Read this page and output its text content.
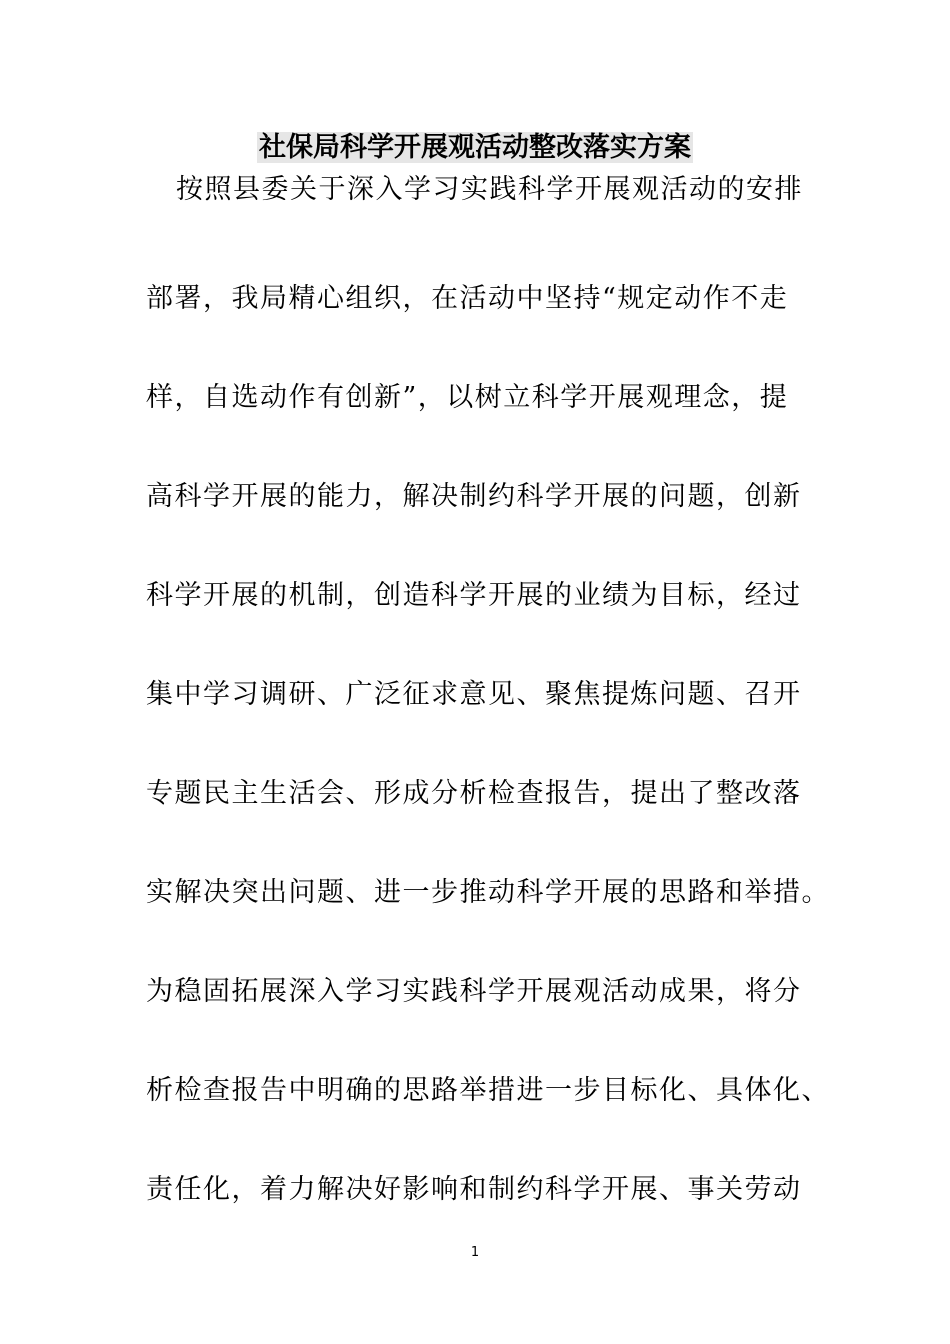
社保局科学开展观活动整改落实方案
按照县委关于深入学习实践科学开展观活动的安排
部署，我局精心组织，在活动中坚持“规定动作不走
样，自选动作有创新”，以树立科学开展观理念，提
高科学开展的能力，解决制约科学开展的问题，创新
科学开展的机制，创造科学开展的业绩为目标，经过
集中学习调研、广泛征求意见、聚焦提炼问题、召开
专题民主生活会、形成分析检查报告，提出了整改落
实解决突出问题、进一步推动科学开展的思路和举措。
为稳固拓展深入学习实践科学开展观活动成果，将分
析检查报告中明确的思路举措进一步目标化、具体化、
责任化，着力解决好影响和制约科学开展、事关劳动
1
